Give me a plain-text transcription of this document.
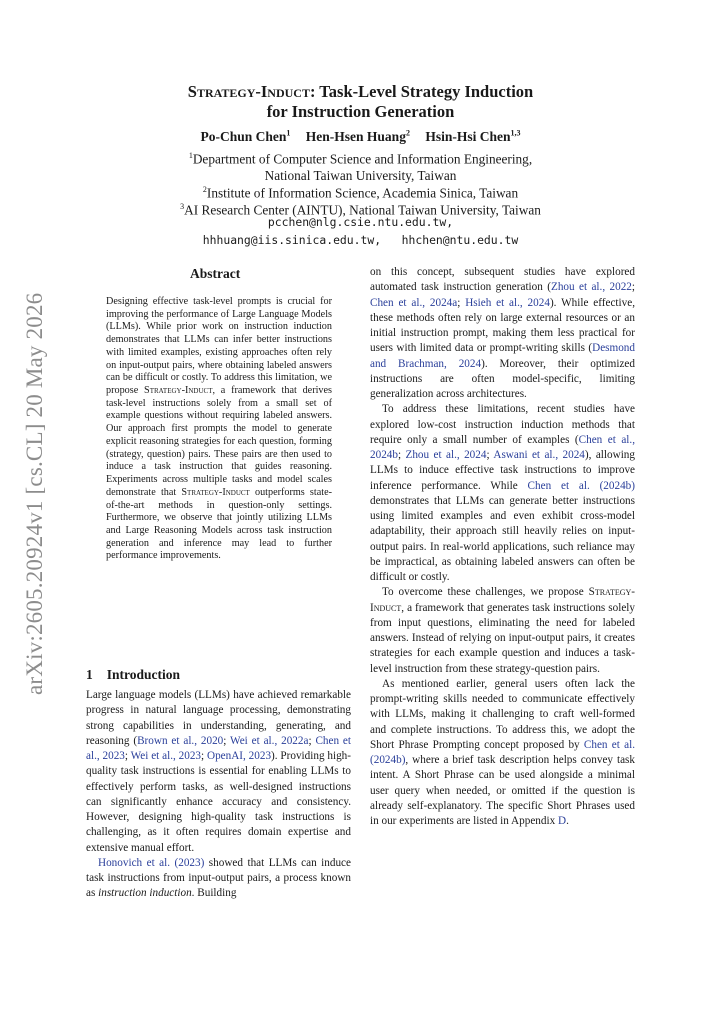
arXiv:2605.20924v1 [cs.CL] 20 May 2026
Strategy-Induct: Task-Level Strategy Induction
for Instruction Generation
Po-Chun Chen$^1$ Hen-Hsen Huang$^2$ Hsin-Hsi Chen$^{1,3}$
$^1$Department of Computer Science and Information Engineering,
National Taiwan University, Taiwan
$^2$Institute of Information Science, Academia Sinica, Taiwan
$^3$AI Research Center (AINTU), National Taiwan University, Taiwan
pcchen@nlg.csie.ntu.edu.tw,
hhhuang@iis.sinica.edu.tw,   hhchen@ntu.edu.tw
Abstract
Designing effective task-level prompts is crucial for improving the performance of Large Language Models (LLMs). While prior work on instruction induction demonstrates that LLMs can infer better instructions with limited examples, existing approaches often rely on input-output pairs, where obtaining labeled answers can be difficult or costly. To address this limitation, we propose Strategy-Induct, a framework that derives task-level instructions solely from a small set of example questions without requiring labeled answers. Our approach first prompts the model to generate explicit reasoning strategies for each question, forming (strategy, question) pairs. These pairs are then used to induce a task instruction that guides reasoning. Experiments across multiple tasks and model scales demonstrate that Strategy-Induct outperforms state-of-the-art methods in question-only settings. Furthermore, we observe that jointly utilizing LLMs and Large Reasoning Models across task instruction generation and inference may lead to further performance improvements.
1 Introduction

Large language models (LLMs) have achieved remarkable progress in natural language processing, demonstrating strong capabilities in understanding, generating, and reasoning (Brown et al., 2020; Wei et al., 2022a; Chen et al., 2023; Wei et al., 2023; OpenAI, 2023). Providing high-quality task instructions is essential for enabling LLMs to effectively perform tasks, as well-designed instructions can significantly enhance accuracy and consistency. However, designing high-quality task instructions is challenging, as it often requires domain expertise and extensive manual effort.

Honovich et al. (2023) showed that LLMs can induce task instructions from input-output pairs, a process known as instruction induction. Building

on this concept, subsequent studies have explored automated task instruction generation (Zhou et al., 2022; Chen et al., 2024a; Hsieh et al., 2024). While effective, these methods often rely on large external resources or an initial instruction prompt, making them less practical for users with limited data or prompt-writing skills (Desmond and Brachman, 2024). Moreover, their optimized instructions are often model-specific, limiting generalization across architectures.

To address these limitations, recent studies have explored low-cost instruction induction methods that require only a small number of examples (Chen et al., 2024b; Zhou et al., 2024; Aswani et al., 2024), allowing LLMs to induce effective task instructions to improve inference performance. While Chen et al. (2024b) demonstrates that LLMs can generate better instructions using limited examples and even exhibit cross-model adaptability, their approach still heavily relies on input-output pairs. In real-world applications, such reliance may be impractical, as obtaining labeled answers can often be difficult or costly.

To overcome these challenges, we propose Strategy-Induct, a framework that generates task instructions solely from input questions, eliminating the need for labeled answers. Instead of relying on input-output pairs, it creates strategies for each example question and induces a task-level instruction from these strategy-question pairs.

As mentioned earlier, general users often lack the prompt-writing skills needed to communicate effectively with LLMs, making it challenging to craft well-formed and complete instructions. To address this, we adopt the Short Phrase Prompting concept proposed by Chen et al. (2024b), where a brief task description helps convey task intent. A Short Phrase can be used alongside a minimal user query when needed, or omitted if the question is already self-explanatory. The specific Short Phrases used in our experiments are listed in Appendix D.
